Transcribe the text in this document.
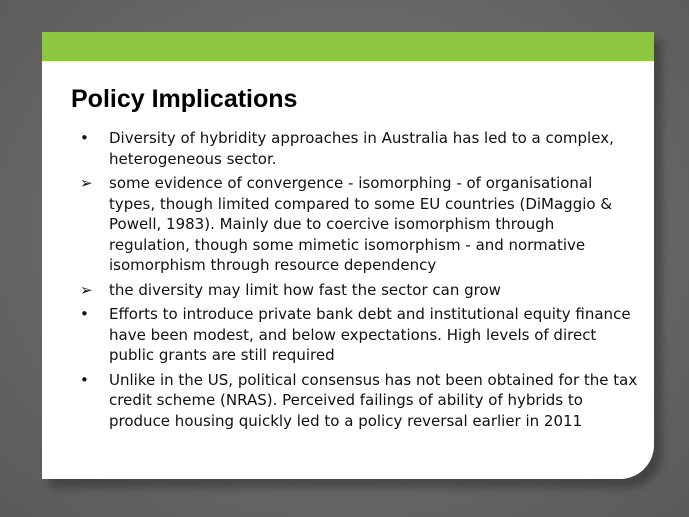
Policy Implications
•	Diversity of hybridity approaches in Australia has led to a complex, heterogeneous sector.
➢ some evidence of convergence - isomorphing - of organisational types, though limited compared to some EU countries (DiMaggio & Powell, 1983). Mainly due to coercive isomorphism through regulation, though some mimetic isomorphism - and normative isomorphism through resource dependency
➢ the diversity may limit how fast the sector can grow
•	Efforts to introduce private bank debt and institutional equity finance have been modest, and below expectations. High levels of direct public grants are still required
•	Unlike in the US, political consensus has not been obtained for the tax credit scheme (NRAS). Perceived failings of ability of hybrids to produce housing quickly led to a policy reversal earlier in 2011
